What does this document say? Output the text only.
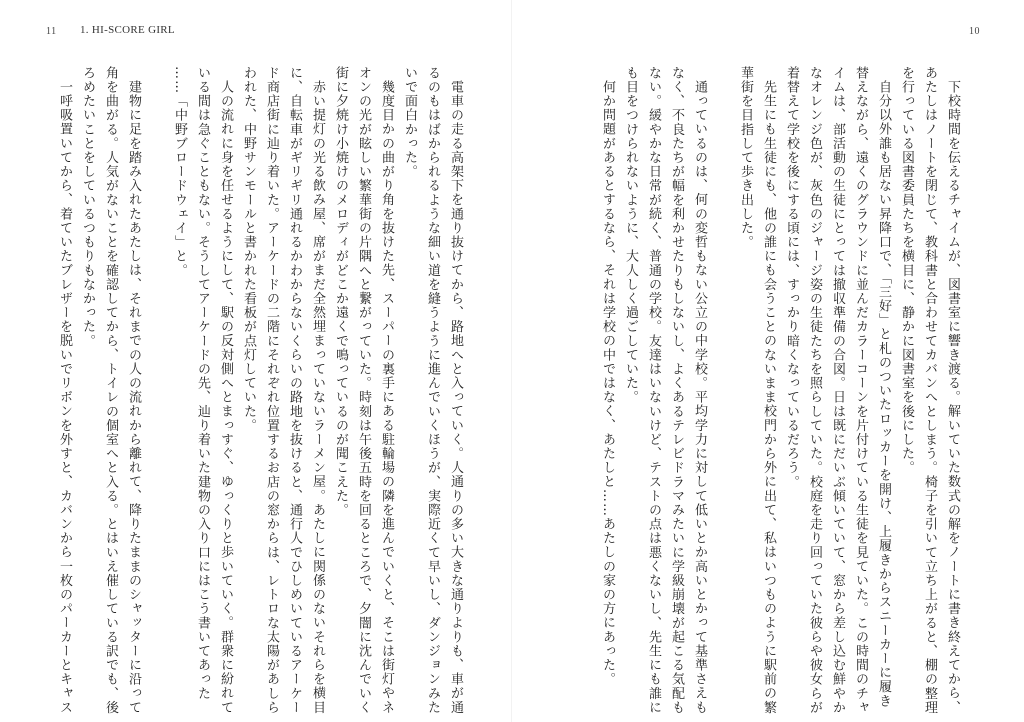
11 1. HI-SCORE GIRL
電車の走る高架下を通り抜けてから、路地へと入っていく。人通りの多い大きな通りよりも、車が通
るのもはばかられるような細い道を縫うように進んでいくほうが、実際近くて早いし、ダンジョンみた
いで面白かった。
幾度目かの曲がり角を抜けた先、スーパーの裏手にある駐輪場の隣を進んでいくと、そこは街灯やネ
オンの光が眩しい繁華街の片隅へと繋がっていた。時刻は午後五時を回るところで、夕闇に沈んでいく
街に夕焼け小焼けのメロディがどこか遠くで鳴っているのが聞こえた。
赤い提灯の光る飲み屋、席がまだ全然埋まっていないラーメン屋。あたしに関係のないそれらを横目
に、自転車がギリギリ通れるかわからないくらいの路地を抜けると、通行人でひしめいているアーケー
ド商店街に辿り着いた。アーケードの二階にそれぞれ位置するお店の窓からは、レトロな太陽があしら
われた、中野サンモールと書かれた看板が点灯していた。
人の流れに身を任せるようにして、駅の反対側へとまっすぐ、ゆっくりと歩いていく。群衆に紛れて
いる間は急ぐこともない。そうしてアーケードの先、辿り着いた建物の入り口にはこう書いてあった
……「中野ブロードウェイ」と。
建物に足を踏み入れたあたしは、それまでの人の流れから離れて、降りたままのシャッターに沿って
角を曲がる。人気がないことを確認してから、トイレの個室へと入る。とはいえ催している訳でも、後
ろめたいことをしているつもりもなかった。
一呼吸置いてから、着ていたブレザーを脱いでリボンを外すと、カバンから一枚のパーカーとキャス
10
下校時間を伝えるチャイムが、図書室に響き渡る。解いていた数式の解をノートに書き終えてから、
あたしはノートを閉じて、教科書と合わせてカバンへとしまう。椅子を引いて立ち上がると、棚の整理
を行っている図書委員たちを横目に、静かに図書室を後にした。
自分以外誰も居ない昇降口で、「三好」と札のついたロッカーを開け、上履きからスニーカーに履き
替えながら、遠くのグラウンドに並んだカラーコーンを片付けている生徒を見ていた。この時間のチャ
イムは、部活動の生徒にとっては撤収準備の合図。日は既にだいぶ傾いていて、窓から差し込む鮮やか
なオレンジ色が、灰色のジャージ姿の生徒たちを照らしていた。校庭を走り回っていた彼らや彼女らが
着替えて学校を後にする頃には、すっかり暗くなっているだろう。
先生にも生徒にも、他の誰にも会うことのないまま校門から外に出て、私はいつものように駅前の繁
華街を目指して歩き出した。
通っているのは、何の変哲もない公立の中学校。平均学力に対して低いとか高いとかって基準さえも
なく、不良たちが幅を利かせたりもしないし、よくあるテレビドラマみたいに学級崩壊が起こる気配も
ない。緩やかな日常が続く、普通の学校。友達はいないけど、テストの点は悪くないし、先生にも誰に
も目をつけられないように、大人しく過ごしていた。
何か問題があるとするなら、それは学校の中ではなく、あたしと……あたしの家の方にあった。
